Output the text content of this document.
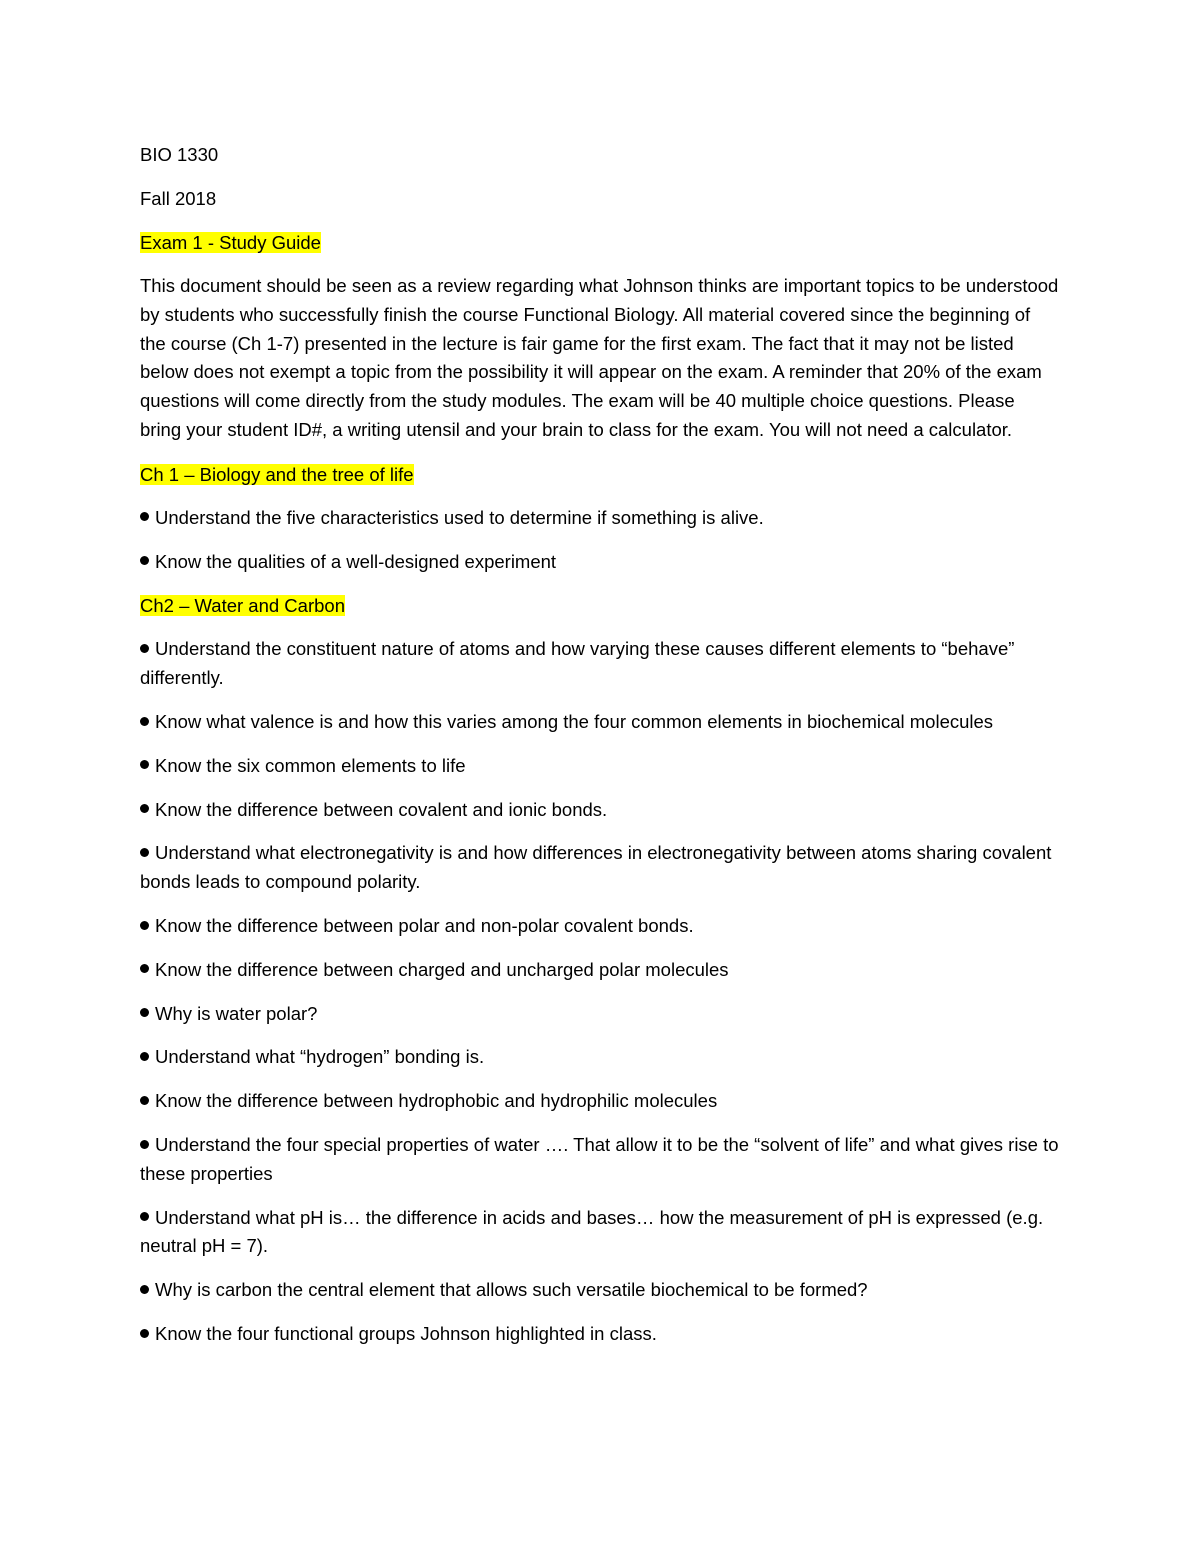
BIO 1330

Fall 2018

Exam 1 - Study Guide

This document should be seen as a review regarding what Johnson thinks are important topics to be understood by students who successfully finish the course Functional Biology. All material covered since the beginning of the course (Ch 1-7) presented in the lecture is fair game for the first exam. The fact that it may not be listed below does not exempt a topic from the possibility it will appear on the exam. A reminder that 20% of the exam questions will come directly from the study modules. The exam will be 40 multiple choice questions. Please bring your student ID#, a writing utensil and your brain to class for the exam. You will not need a calculator.

Ch 1 – Biology and the tree of life

Understand the five characteristics used to determine if something is alive.

Know the qualities of a well-designed experiment

Ch2 – Water and Carbon

Understand the constituent nature of atoms and how varying these causes different elements to “behave” differently.

Know what valence is and how this varies among the four common elements in biochemical molecules

Know the six common elements to life

Know the difference between covalent and ionic bonds.

Understand what electronegativity is and how differences in electronegativity between atoms sharing covalent bonds leads to compound polarity.

Know the difference between polar and non-polar covalent bonds.

Know the difference between charged and uncharged polar molecules

Why is water polar?

Understand what “hydrogen” bonding is.

Know the difference between hydrophobic and hydrophilic molecules

Understand the four special properties of water …. That allow it to be the “solvent of life” and what gives rise to these properties

Understand what pH is… the difference in acids and bases… how the measurement of pH is expressed (e.g. neutral pH = 7).

Why is carbon the central element that allows such versatile biochemical to be formed?

Know the four functional groups Johnson highlighted in class.
